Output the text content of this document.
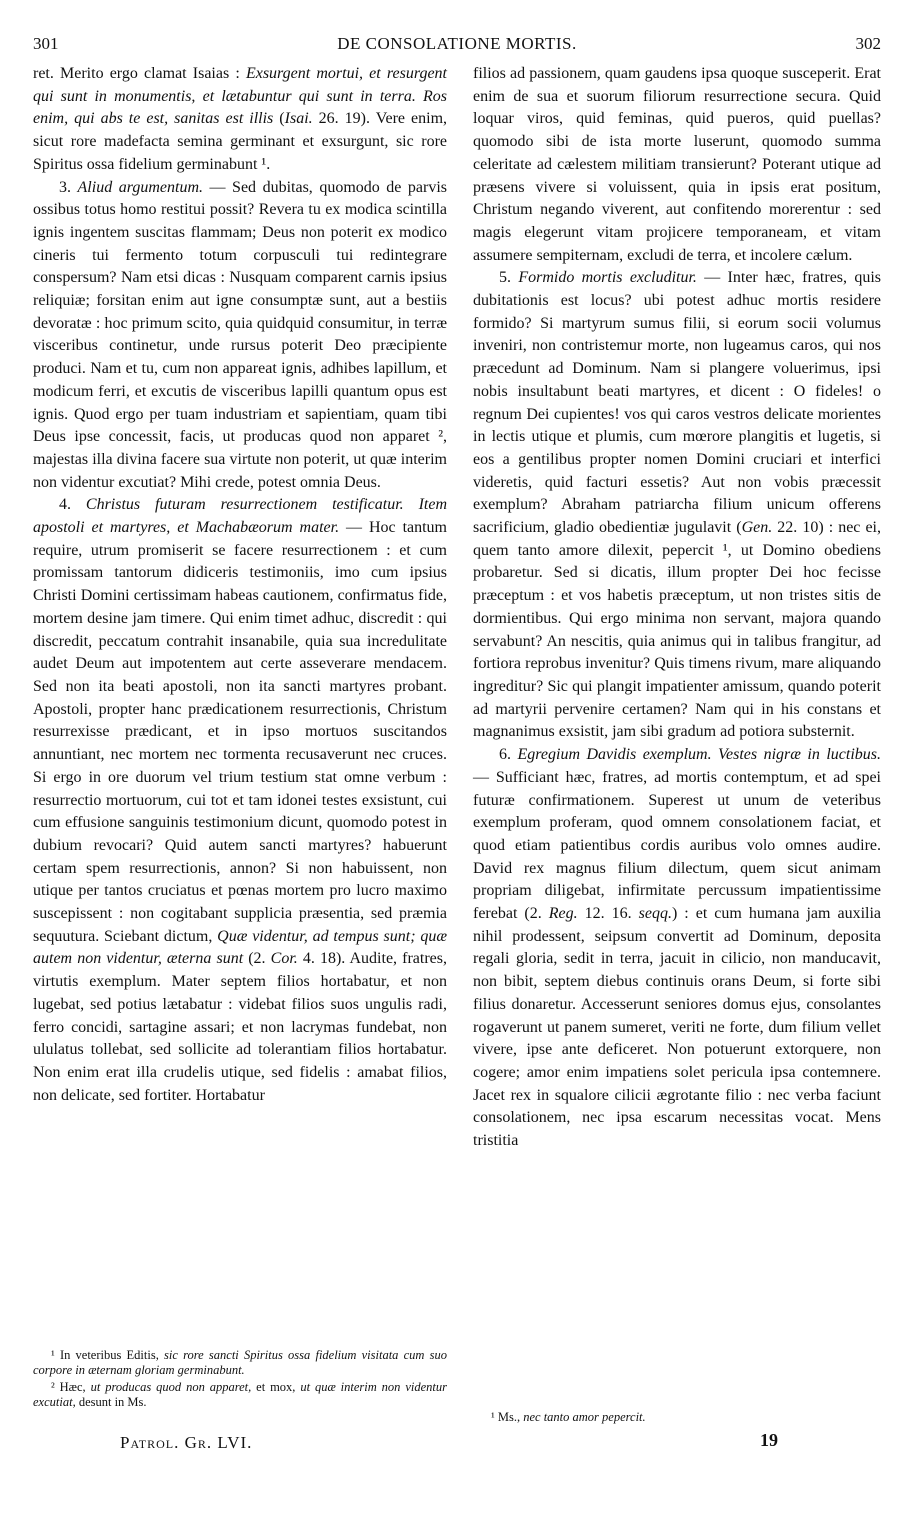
301	DE CONSOLATIONE MORTIS.	302

ret. Merito ergo clamat Isaias : Exsurgent mortui, et resurgent qui sunt in monumentis, et lætabuntur qui sunt in terra. Ros enim, qui abs te est, sanitas est illis (Isai. 26. 19). Vere enim, sicut rore madefacta semina germinant et exsurgunt, sic rore Spiritus ossa fidelium germinabunt ¹.

3. Aliud argumentum. — Sed dubitas, quomodo de parvis ossibus totus homo restitui possit? Revera tu ex modica scintilla ignis ingentem suscitas flammam; Deus non poterit ex modico cineris tui fermento totum corpusculi tui redintegrare conspersum? Nam etsi dicas : Nusquam comparent carnis ipsius reliquiæ; forsitan enim aut igne consumptæ sunt, aut a bestiis devoratæ : hoc primum scito, quia quidquid consumitur, in terræ visceribus continetur, unde rursus poterit Deo præcipiente produci. Nam et tu, cum non appareat ignis, adhibes lapillum, et modicum ferri, et excutis de visceribus lapilli quantum opus est ignis. Quod ergo per tuam industriam et sapientiam, quam tibi Deus ipse concessit, facis, ut producas quod non apparet ², majestas illa divina facere sua virtute non poterit, ut quæ interim non videntur excutiat? Mihi crede, potest omnia Deus.

4. Christus futuram resurrectionem testificatur. Item apostoli et martyres, et Machabæorum mater. — Hoc tantum require, utrum promiserit se facere resurrectionem : et cum promissam tantorum didiceris testimoniis, imo cum ipsius Christi Domini certissimam habeas cautionem, confirmatus fide, mortem desine jam timere. Qui enim timet adhuc, discredit : qui discredit, peccatum contrahit insanabile, quia sua incredulitate audet Deum aut impotentem aut certe asseverare mendacem. Sed non ita beati apostoli, non ita sancti martyres probant. Apostoli, propter hanc prædicationem resurrectionis, Christum resurrexisse prædicant, et in ipso mortuos suscitandos annuntiant, nec mortem nec tormenta recusaverunt nec cruces. Si ergo in ore duorum vel trium testium stat omne verbum : resurrectio mortuorum, cui tot et tam idonei testes exsistunt, cui cum effusione sanguinis testimonium dicunt, quomodo potest in dubium revocari? Quid autem sancti martyres? habuerunt certam spem resurrectionis, annon? Si non habuissent, non utique per tantos cruciatus et pœnas mortem pro lucro maximo suscepissent : non cogitabant supplicia præsentia, sed præmia sequutura. Sciebant dictum, Quæ videntur, ad tempus sunt; quæ autem non videntur, æterna sunt (2. Cor. 4. 18). Audite, fratres, virtutis exemplum. Mater septem filios hortabatur, et non lugebat, sed potius lætabatur : videbat filios suos ungulis radi, ferro concidi, sartagine assari; et non lacrymas fundebat, non ululatus tollebat, sed sollicite ad tolerantiam filios hortabatur. Non enim erat illa crudelis utique, sed fidelis : amabat filios, non delicate, sed fortiter. Hortabatur

filios ad passionem, quam gaudens ipsa quoque susceperit. Erat enim de sua et suorum filiorum resurrectione secura. Quid loquar viros, quid feminas, quid pueros, quid puellas? quomodo sibi de ista morte luserunt, quomodo summa celeritate ad cælestem militiam transierunt? Poterant utique ad præsens vivere si voluissent, quia in ipsis erat positum, Christum negando viverent, aut confitendo morerentur : sed magis elegerunt vitam projicere temporaneam, et vitam assumere sempiternam, excludi de terra, et incolere cælum.

5. Formido mortis excluditur. — Inter hæc, fratres, quis dubitationis est locus? ubi potest adhuc mortis residere formido? Si martyrum sumus filii, si eorum socii volumus inveniri, non contristemur morte, non lugeamus caros, qui nos præcedunt ad Dominum. Nam si plangere voluerimus, ipsi nobis insultabunt beati martyres, et dicent : O fideles! o regnum Dei cupientes! vos qui caros vestros delicate morientes in lectis utique et plumis, cum mœrore plangitis et lugetis, si eos a gentilibus propter nomen Domini cruciari et interfici videretis, quid facturi essetis? Aut non vobis præcessit exemplum? Abraham patriarcha filium unicum offerens sacrificium, gladio obedientiæ jugulavit (Gen. 22. 10) : nec ei, quem tanto amore dilexit, pepercit ¹, ut Domino obediens probaretur. Sed si dicatis, illum propter Dei hoc fecisse præceptum : et vos habetis præceptum, ut non tristes sitis de dormientibus. Qui ergo minima non servant, majora quando servabunt? An nescitis, quia animus qui in talibus frangitur, ad fortiora reprobus invenitur? Quis timens rivum, mare aliquando ingreditur? Sic qui plangit impatienter amissum, quando poterit ad martyrii pervenire certamen? Nam qui in his constans et magnanimus exsistit, jam sibi gradum ad potiora substernit.

6. Egregium Davidis exemplum. Vestes nigræ in luctibus. — Sufficiant hæc, fratres, ad mortis contemptum, et ad spei futuræ confirmationem. Superest ut unum de veteribus exemplum proferam, quod omnem consolationem faciat, et quod etiam patientibus cordis auribus volo omnes audire. David rex magnus filium dilectum, quem sicut animam propriam diligebat, infirmitate percussum impatientissime ferebat (2. Reg. 12. 16. seqq.) : et cum humana jam auxilia nihil prodessent, seipsum convertit ad Dominum, deposita regali gloria, sedit in terra, jacuit in cilicio, non manducavit, non bibit, septem diebus continuis orans Deum, si forte sibi filius donaretur. Accesserunt seniores domus ejus, consolantes rogaverunt ut panem sumeret, veriti ne forte, dum filium vellet vivere, ipse ante deficeret. Non potuerunt extorquere, non cogere; amor enim impatiens solet pericula ipsa contemnere. Jacet rex in squalore cilicii ægrotante filio : nec verba faciunt consolationem, nec ipsa escarum necessitas vocat. Mens tristitia

¹ In veteribus Editis, sic rore sancti Spiritus ossa fidelium visitata cum suo corpore in æternam gloriam germinabunt.

² Hæc, ut producas quod non apparet, et mox, ut quæ interim non videntur excutiat, desunt in Ms.

¹ Ms., nec tanto amor pepercit.

Patrol. Gr. LVI.	19
